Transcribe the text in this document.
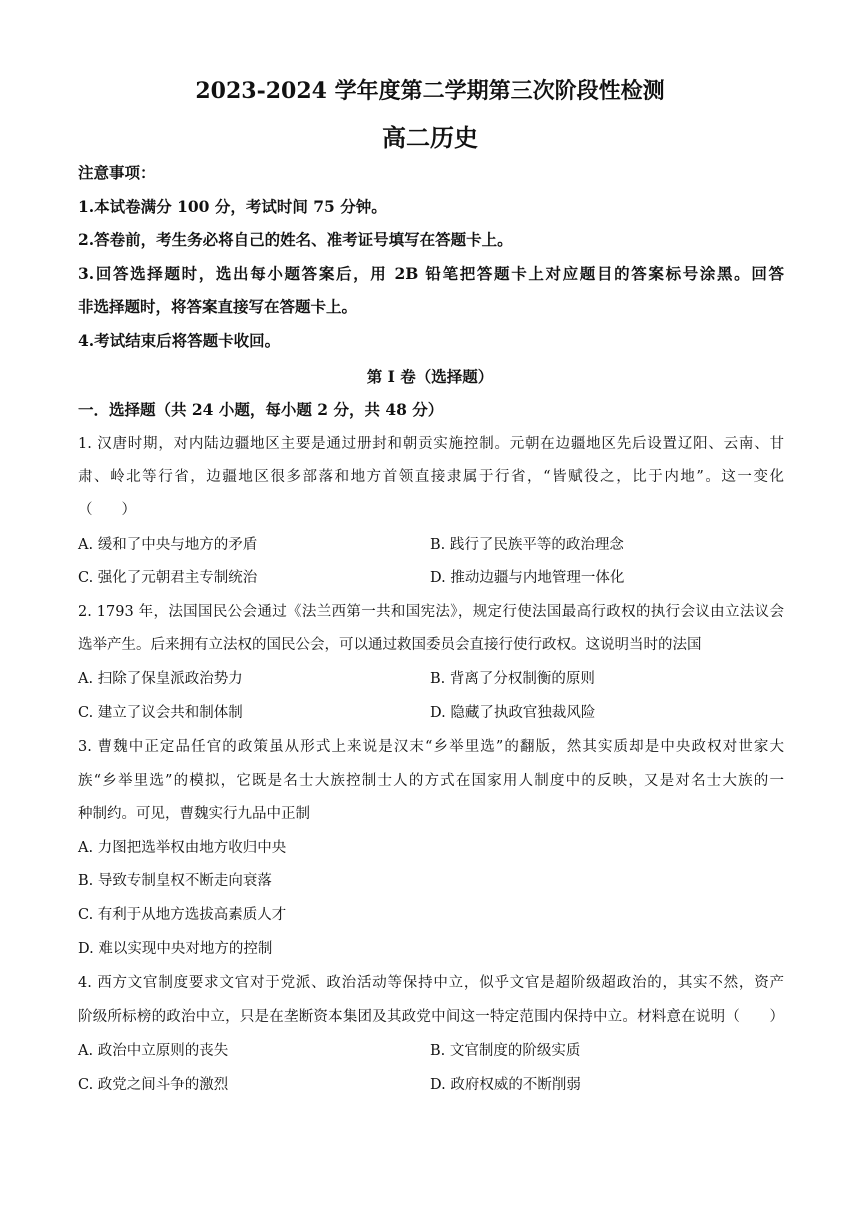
2023-2024 学年度第二学期第三次阶段性检测
高二历史
注意事项：
1.本试卷满分 100 分，考试时间 75 分钟。
2.答卷前，考生务必将自己的姓名、准考证号填写在答题卡上。
3.回答选择题时，选出每小题答案后，用 2B 铅笔把答题卡上对应题目的答案标号涂黑。回答
非选择题时，将答案直接写在答题卡上。
4.考试结束后将答题卡收回。
第 I 卷（选择题）
一．选择题（共 24 小题，每小题 2 分，共 48 分）
1. 汉唐时期，对内陆边疆地区主要是通过册封和朝贡实施控制。元朝在边疆地区先后设置辽阳、云南、甘
肃、岭北等行省，边疆地区很多部落和地方首领直接隶属于行省，“皆赋役之，比于内地”。这一变化
（　　）
A. 缓和了中央与地方的矛盾	B. 践行了民族平等的政治理念
C. 强化了元朝君主专制统治	D. 推动边疆与内地管理一体化
2. 1793 年，法国国民公会通过《法兰西第一共和国宪法》，规定行使法国最高行政权的执行会议由立法议会
选举产生。后来拥有立法权的国民公会，可以通过救国委员会直接行使行政权。这说明当时的法国
A. 扫除了保皇派政治势力	B. 背离了分权制衡的原则
C. 建立了议会共和制体制	D. 隐藏了执政官独裁风险
3. 曹魏中正定品任官的政策虽从形式上来说是汉末“乡举里选”的翻版，然其实质却是中央政权对世家大
族“乡举里选”的模拟，它既是名士大族控制士人的方式在国家用人制度中的反映，又是对名士大族的一
种制约。可见，曹魏实行九品中正制
A. 力图把选举权由地方收归中央
B. 导致专制皇权不断走向衰落
C. 有利于从地方选拔高素质人才
D. 难以实现中央对地方的控制
4. 西方文官制度要求文官对于党派、政治活动等保持中立，似乎文官是超阶级超政治的，其实不然，资产
阶级所标榜的政治中立，只是在垄断资本集团及其政党中间这一特定范围内保持中立。材料意在说明（　　）
A. 政治中立原则的丧失	B. 文官制度的阶级实质
C. 政党之间斗争的激烈	D. 政府权威的不断削弱
